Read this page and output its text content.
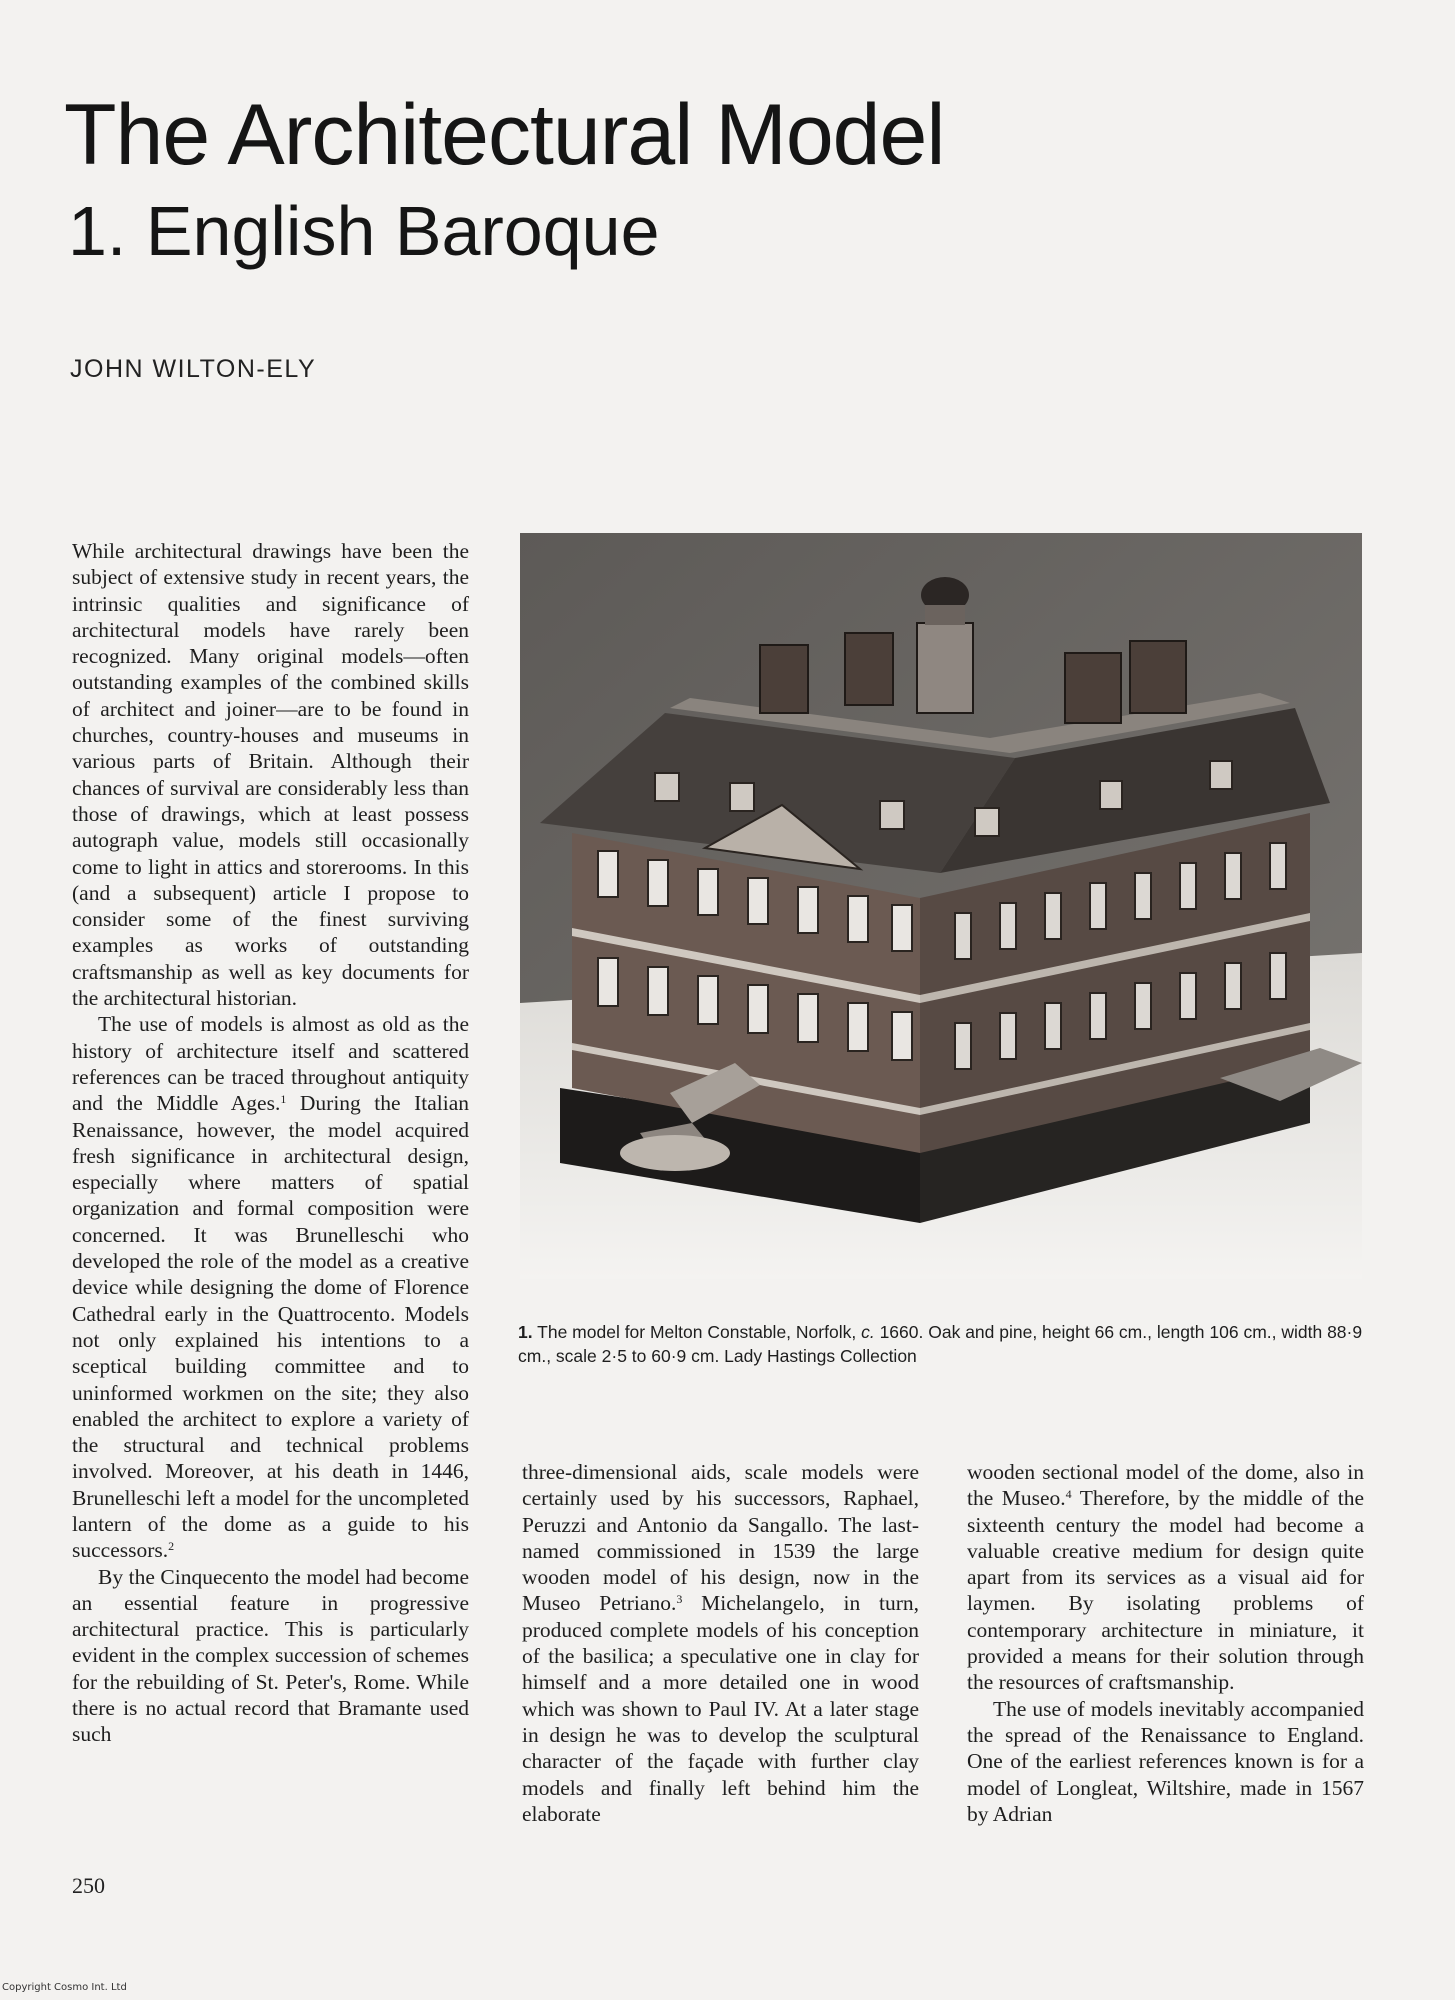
The Architectural Model
1. English Baroque
JOHN WILTON-ELY

While architectural drawings have been the subject of extensive study in recent years, the intrinsic qualities and significance of architectural models have rarely been recognized. Many original models—often outstanding examples of the combined skills of architect and joiner—are to be found in churches, country-houses and museums in various parts of Britain. Although their chances of survival are considerably less than those of drawings, which at least possess autograph value, models still occasionally come to light in attics and storerooms. In this (and a subsequent) article I propose to consider some of the finest surviving examples as works of outstanding craftsmanship as well as key documents for the architectural historian.

The use of models is almost as old as the history of architecture itself and scattered references can be traced throughout antiquity and the Middle Ages.$^1$ During the Italian Renaissance, however, the model acquired fresh significance in architectural design, especially where matters of spatial organization and formal composition were concerned. It was Brunelleschi who developed the role of the model as a creative device while designing the dome of Florence Cathedral early in the Quattrocento. Models not only explained his intentions to a sceptical building committee and to uninformed workmen on the site; they also enabled the architect to explore a variety of the structural and technical problems involved. Moreover, at his death in 1446, Brunelleschi left a model for the uncompleted lantern of the dome as a guide to his successors.$^2$

By the Cinquecento the model had become an essential feature in progressive architectural practice. This is particularly evident in the complex succession of schemes for the rebuilding of St. Peter's, Rome. While there is no actual record that Bramante used such

1. The model for Melton Constable, Norfolk, c. 1660. Oak and pine, height 66 cm., length 106 cm., width 88·9 cm., scale 2·5 to 60·9 cm. Lady Hastings Collection

three-dimensional aids, scale models were certainly used by his successors, Raphael, Peruzzi and Antonio da Sangallo. The last-named commissioned in 1539 the large wooden model of his design, now in the Museo Petriano.$^3$ Michelangelo, in turn, produced complete models of his conception of the basilica; a speculative one in clay for himself and a more detailed one in wood which was shown to Paul IV. At a later stage in design he was to develop the sculptural character of the façade with further clay models and finally left behind him the elaborate

wooden sectional model of the dome, also in the Museo.$^4$ Therefore, by the middle of the sixteenth century the model had become a valuable creative medium for design quite apart from its services as a visual aid for laymen. By isolating problems of contemporary architecture in miniature, it provided a means for their solution through the resources of craftsmanship.

The use of models inevitably accompanied the spread of the Renaissance to England. One of the earliest references known is for a model of Longleat, Wiltshire, made in 1567 by Adrian

250
Copyright Cosmo Int. Ltd
